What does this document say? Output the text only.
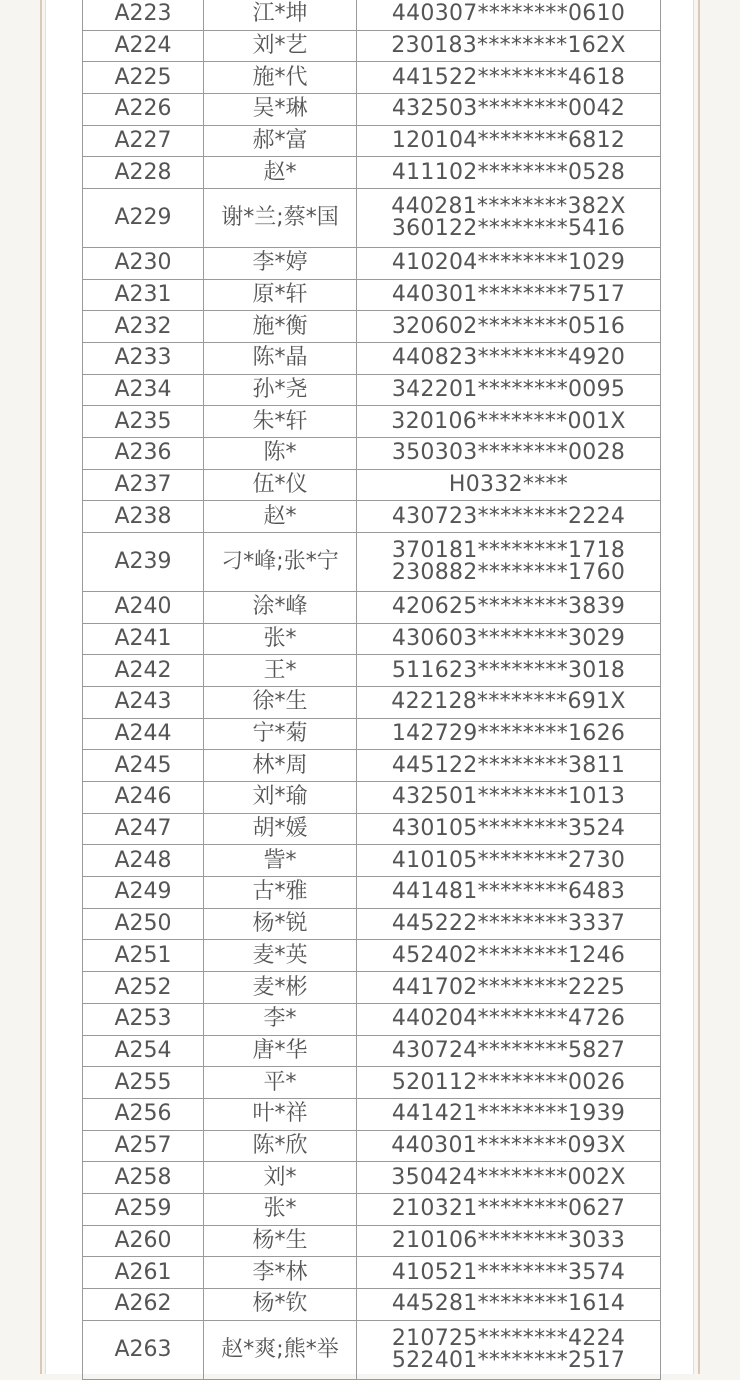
A223	江*坤	440307********0610

A224	刘*艺	230183********162X

A225	施*代	441522********4618

A226	吴*琳	432503********0042

A227	郝*富	120104********6812

A228	赵*	411102********0528

A229	谢*兰;蔡*国	440281********382X
360122********5416

A230	李*婷	410204********1029

A231	原*轩	440301********7517

A232	施*衡	320602********0516

A233	陈*晶	440823********4920

A234	孙*尧	342201********0095

A235	朱*轩	320106********001X

A236	陈*	350303********0028

A237	伍*仪	H0332****

A238	赵*	430723********2224

A239	刁*峰;张*宁	370181********1718
230882********1760

A240	涂*峰	420625********3839

A241	张*	430603********3029

A242	王*	511623********3018

A243	徐*生	422128********691X

A244	宁*菊	142729********1626

A245	林*周	445122********3811

A246	刘*瑜	432501********1013

A247	胡*媛	430105********3524

A248	訾*	410105********2730

A249	古*雅	441481********6483

A250	杨*锐	445222********3337

A251	麦*英	452402********1246

A252	麦*彬	441702********2225

A253	李*	440204********4726

A254	唐*华	430724********5827

A255	平*	520112********0026

A256	叶*祥	441421********1939

A257	陈*欣	440301********093X

A258	刘*	350424********002X

A259	张*	210321********0627

A260	杨*生	210106********3033

A261	李*林	410521********3574

A262	杨*钦	445281********1614

A263	赵*爽;熊*举	210725********4224
522401********2517
